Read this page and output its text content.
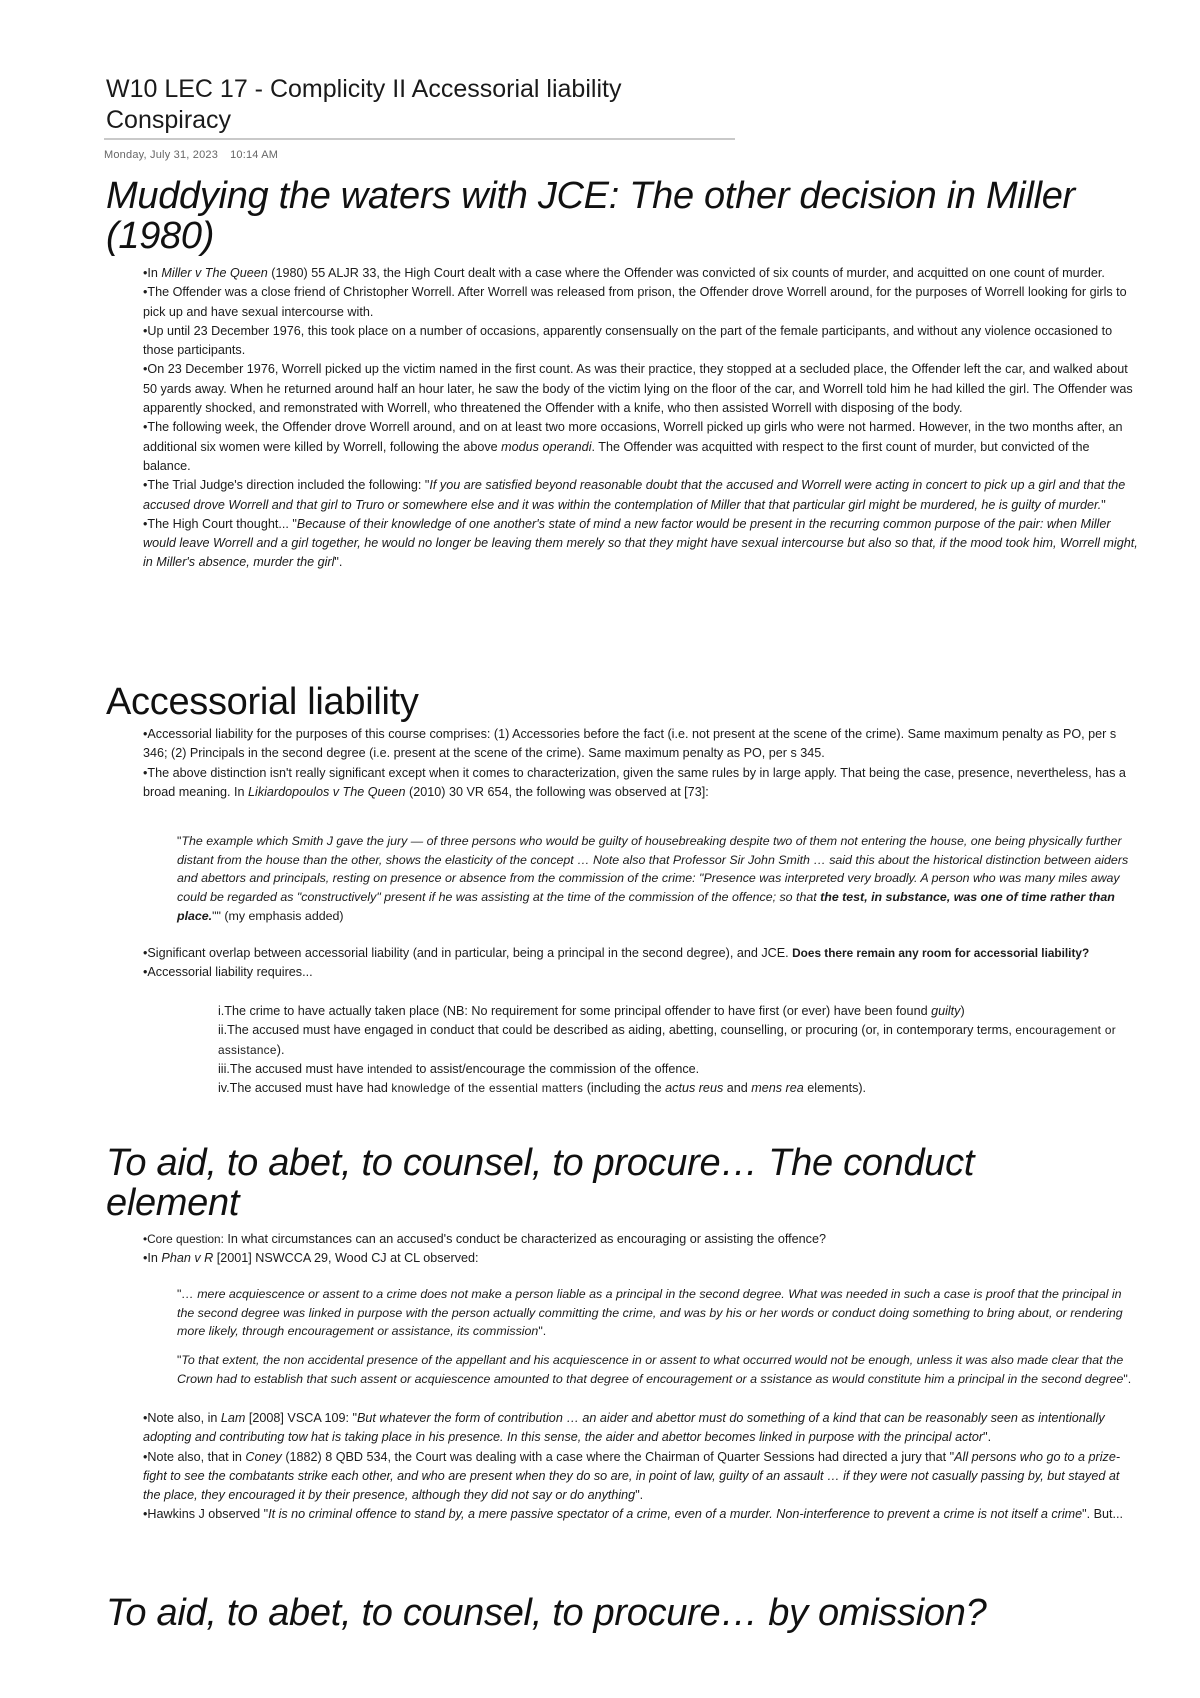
W10 LEC 17 - Complicity II Accessorial liability Conspiracy
Monday, July 31, 2023 10:14 AM
Muddying the waters with JCE: The other decision in Miller (1980)

•In Miller v The Queen (1980) 55 ALJR 33, the High Court dealt with a case where the Offender was convicted of six counts of murder, and acquitted on one count of murder.

•The Offender was a close friend of Christopher Worrell. After Worrell was released from prison, the Offender drove Worrell around, for the purposes of Worrell looking for girls to pick up and have sexual intercourse with.

•Up until 23 December 1976, this took place on a number of occasions, apparently consensually on the part of the female participants, and without any violence occasioned to those participants.

•On 23 December 1976, Worrell picked up the victim named in the first count. As was their practice, they stopped at a secluded place, the Offender left the car, and walked about 50 yards away. When he returned around half an hour later, he saw the body of the victim lying on the floor of the car, and Worrell told him he had killed the girl. The Offender was apparently shocked, and remonstrated with Worrell, who threatened the Offender with a knife, who then assisted Worrell with disposing of the body.

•The following week, the Offender drove Worrell around, and on at least two more occasions, Worrell picked up girls who were not harmed. However, in the two months after, an additional six women were killed by Worrell, following the above modus operandi. The Offender was acquitted with respect to the first count of murder, but convicted of the balance.

•The Trial Judge's direction included the following: "If you are satisfied beyond reasonable doubt that the accused and Worrell were acting in concert to pick up a girl and that the accused drove Worrell and that girl to Truro or somewhere else and it was within the contemplation of Miller that that particular girl might be murdered, he is guilty of murder."

•The High Court thought... "Because of their knowledge of one another's state of mind a new factor would be present in the recurring common purpose of the pair: when Miller would leave Worrell and a girl together, he would no longer be leaving them merely so that they might have sexual intercourse but also so that, if the mood took him, Worrell might, in Miller's absence, murder the girl".

Accessorial liability

•Accessorial liability for the purposes of this course comprises: (1) Accessories before the fact (i.e. not present at the scene of the crime). Same maximum penalty as PO, per s 346; (2) Principals in the second degree (i.e. present at the scene of the crime). Same maximum penalty as PO, per s 345.

•The above distinction isn't really significant except when it comes to characterization, given the same rules by in large apply. That being the case, presence, nevertheless, has a broad meaning. In Likiardopoulos v The Queen (2010) 30 VR 654, the following was observed at [73]:

"The example which Smith J gave the jury — of three persons who would be guilty of housebreaking despite two of them not entering the house, one being physically further distant from the house than the other, shows the elasticity of the concept … Note also that Professor Sir John Smith … said this about the historical distinction between aiders and abettors and principals, resting on presence or absence from the commission of the crime: "Presence was interpreted very broadly. A person who was many miles away could be regarded as "constructively" present if he was assisting at the time of the commission of the offence; so that the test, in substance, was one of time rather than place."" (my emphasis added)

•Significant overlap between accessorial liability (and in particular, being a principal in the second degree), and JCE. Does there remain any room for accessorial liability?

•Accessorial liability requires...

i.The crime to have actually taken place (NB: No requirement for some principal offender to have first (or ever) have been found guilty)

ii.The accused must have engaged in conduct that could be described as aiding, abetting, counselling, or procuring (or, in contemporary terms, encouragement or assistance).

iii.The accused must have intended to assist/encourage the commission of the offence.

iv.The accused must have had knowledge of the essential matters (including the actus reus and mens rea elements).

To aid, to abet, to counsel, to procure… The conduct element

•Core question: In what circumstances can an accused's conduct be characterized as encouraging or assisting the offence?

•In Phan v R [2001] NSWCCA 29, Wood CJ at CL observed:

"… mere acquiescence or assent to a crime does not make a person liable as a principal in the second degree. What was needed in such a case is proof that the principal in the second degree was linked in purpose with the person actually committing the crime, and was by his or her words or conduct doing something to bring about, or rendering more likely, through encouragement or assistance, its commission".

"To that extent, the non accidental presence of the appellant and his acquiescence in or assent to what occurred would not be enough, unless it was also made clear that the Crown had to establish that such assent or acquiescence amounted to that degree of encouragement or a ssistance as would constitute him a principal in the second degree".

•Note also, in Lam [2008] VSCA 109: "But whatever the form of contribution … an aider and abettor must do something of a kind that can be reasonably seen as intentionally adopting and contributing tow hat is taking place in his presence. In this sense, the aider and abettor becomes linked in purpose with the principal actor".

•Note also, that in Coney (1882) 8 QBD 534, the Court was dealing with a case where the Chairman of Quarter Sessions had directed a jury that "All persons who go to a prize-fight to see the combatants strike each other, and who are present when they do so are, in point of law, guilty of an assault … if they were not casually passing by, but stayed at the place, they encouraged it by their presence, although they did not say or do anything".

•Hawkins J observed "It is no criminal offence to stand by, a mere passive spectator of a crime, even of a murder. Non-interference to prevent a crime is not itself a crime". But...

To aid, to abet, to counsel, to procure… by omission?
